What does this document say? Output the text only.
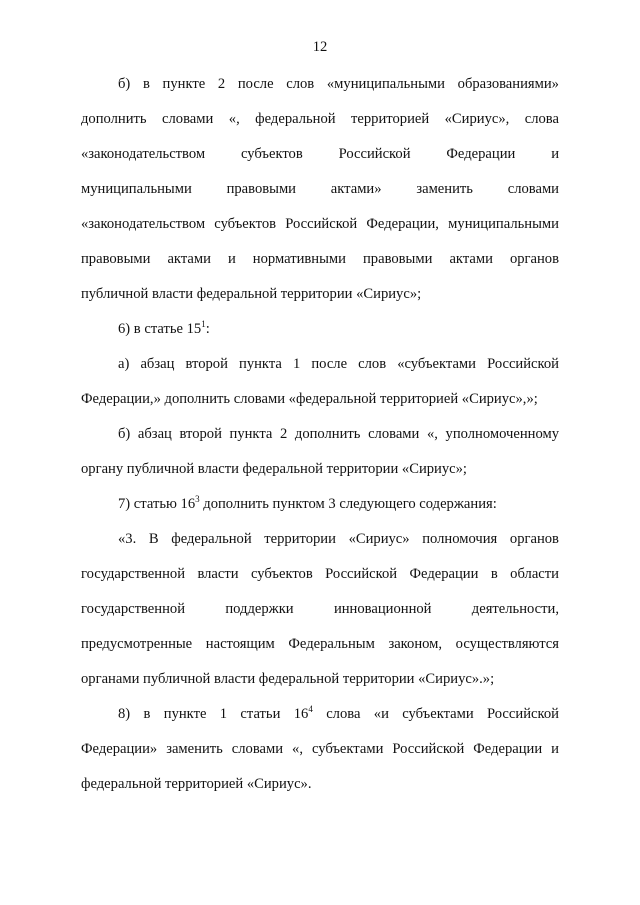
12
б) в пункте 2 после слов «муниципальными образованиями»
дополнить словами «, федеральной территорией «Сириус», слова
«законодательством субъектов Российской Федерации и
муниципальными правовыми актами» заменить словами
«законодательством субъектов Российской Федерации, муниципальными
правовыми актами и нормативными правовыми актами органов
публичной власти федеральной территории «Сириус»;
6) в статье $15^1$:
а) абзац второй пункта 1 после слов «субъектами Российской
Федерации,» дополнить словами «федеральной территорией «Сириус»,»;
б) абзац второй пункта 2 дополнить словами «, уполномоченному
органу публичной власти федеральной территории «Сириус»;
7) статью $16^3$ дополнить пунктом 3 следующего содержания:
«3. В федеральной территории «Сириус» полномочия органов
государственной власти субъектов Российской Федерации в области
государственной	поддержки	инновационной	деятельности,
предусмотренные настоящим Федеральным законом, осуществляются
органами публичной власти федеральной территории «Сириус».»;
8) в пункте 1 статьи $16^4$ слова «и субъектами Российской
Федерации» заменить словами «, субъектами Российской Федерации и
федеральной территорией «Сириус».
